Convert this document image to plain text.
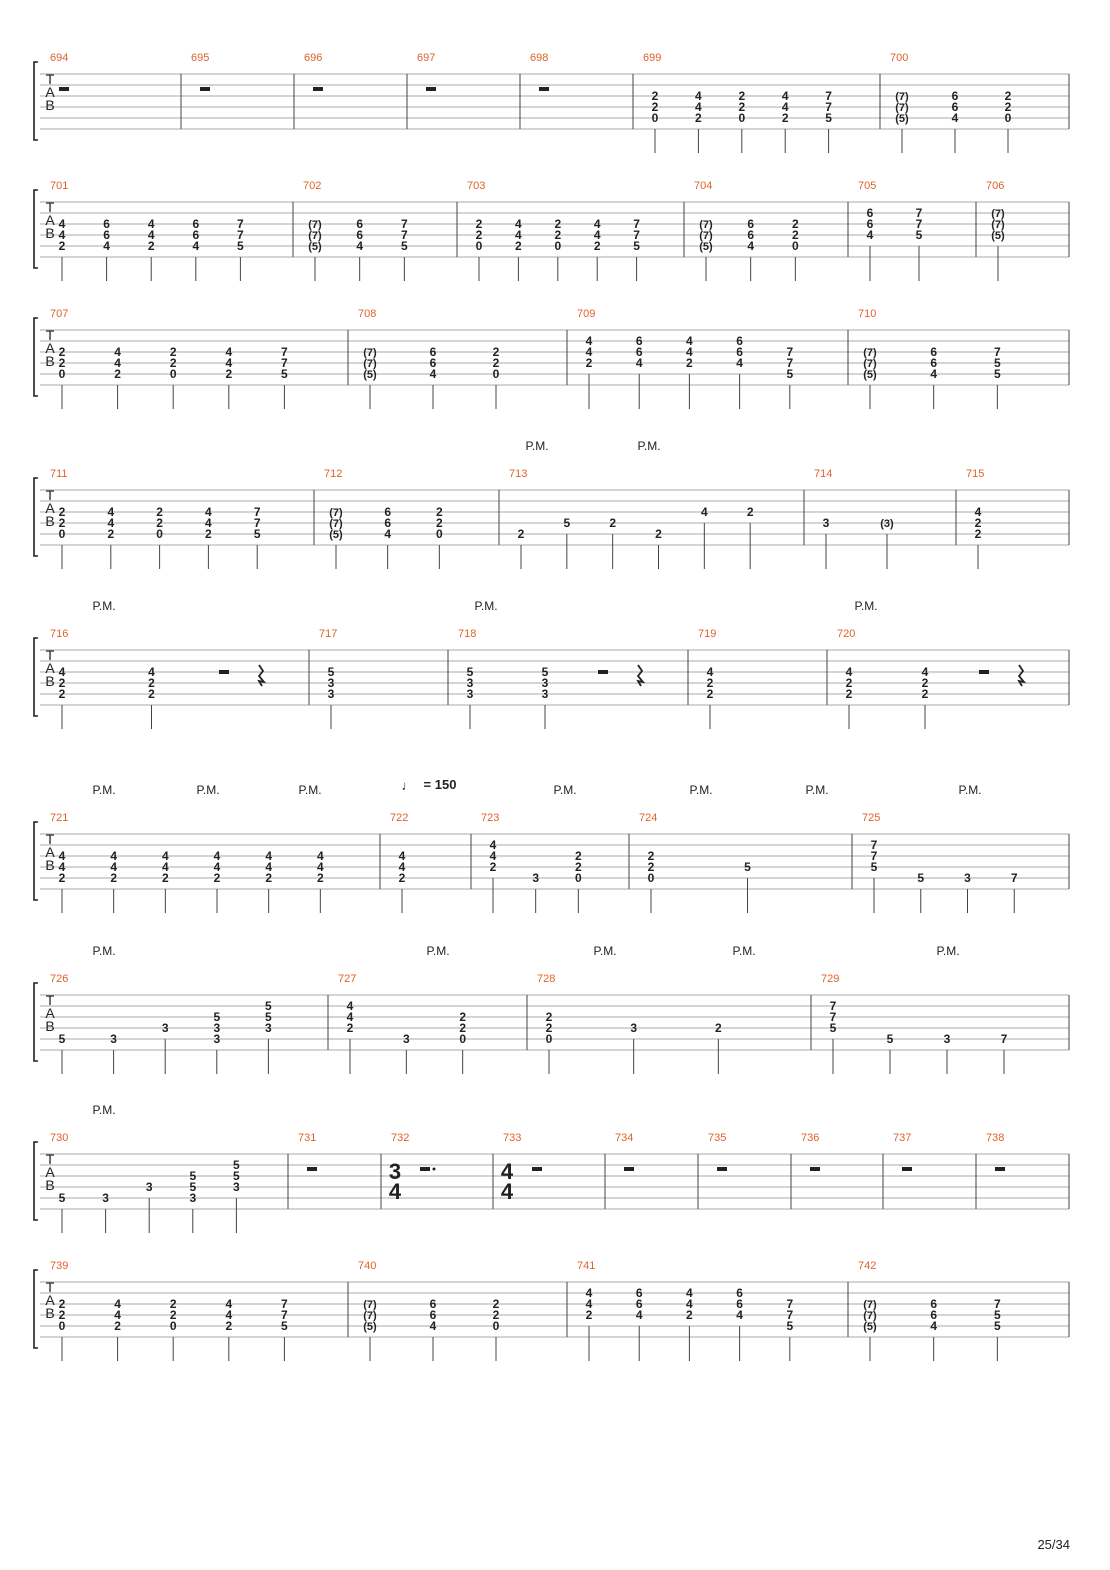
T
A
B
694	695	696	697	698	699
2
2
0
4
4
2
2
2
0
4
4
2
7
7
5
700
(7)
(7)
(5)
6
6
4
2
2
0
T
A
B
701
4
4
2
6
6
4
4
4
2
6
6
4
7
7
5
702
(7)
(7)
(5)
6
6
4
7
7
5
703
2
2
0
4
4
2
2
2
0
4
4
2
7
7
5
704
(7)
(7)
(5)
6
6
4
2
2
0
705
6
6
4
7
7
5
706
(7)
(7)
(5)
T
A
B
707
2
2
0
4
4
2
2
2
0
4
4
2
7
7
5
708
(7)
(7)
(5)
6
6
4
2
2
0
709
4
4
2
6
6
4
4
4
2
6
6
4
7
7
5
710
(7)
(7)
(5)
6
6
4
7
5
5
T
A
B
711
2
2
0
4
4
2
2
2
0
4
4
2
7
7
5
712
(7)
(7)
(5)
6
6
4
2
2
0
713
2
5	2
2
4	2
714
3	(3)
715
4
2
2
T
A
B
716
4
2
2
4
2
2
717
5
3
3
718
5
3
3
5
3
3
719
4
2
2
720
4
2
2
4
2
2
T
A
B
721
4
4
2
4
4
2
4
4
2
4
4
2
4
4
2
4
4
2
722
4
4
2
723
4
4
2
3
2
2
0
724
2
2
0
5
725
7
7
5
5	3	7
T
A
B
726
5	3
3
5
3
3
5
5
3
727
4
4
2
3
2
2
0
728
2
2
0
3	2
729
7
7
5
5	3	7
T
A
B
730
5	3
3
5
5
3
5
5
3
731	732
3
4
733
4
4
734	735	736	737	738
T
A
B
739
2
2
0
4
4
2
2
2
0
4
4
2
7
7
5
740
(7)
(7)
(5)
6
6
4
2
2
0
741
4
4
2
6
6
4
4
4
2
6
6
4
7
7
5
742
(7)
(7)
(5)
6
6
4
7
5
5
P.M.	P.M.
P.M.	P.M.	P.M.
P.M.	P.M.	P.M.	P.M.	P.M.	P.M.	P.M.
P.M.	P.M.	P.M.	P.M.	P.M.
P.M.
♩ = 150
25/34
